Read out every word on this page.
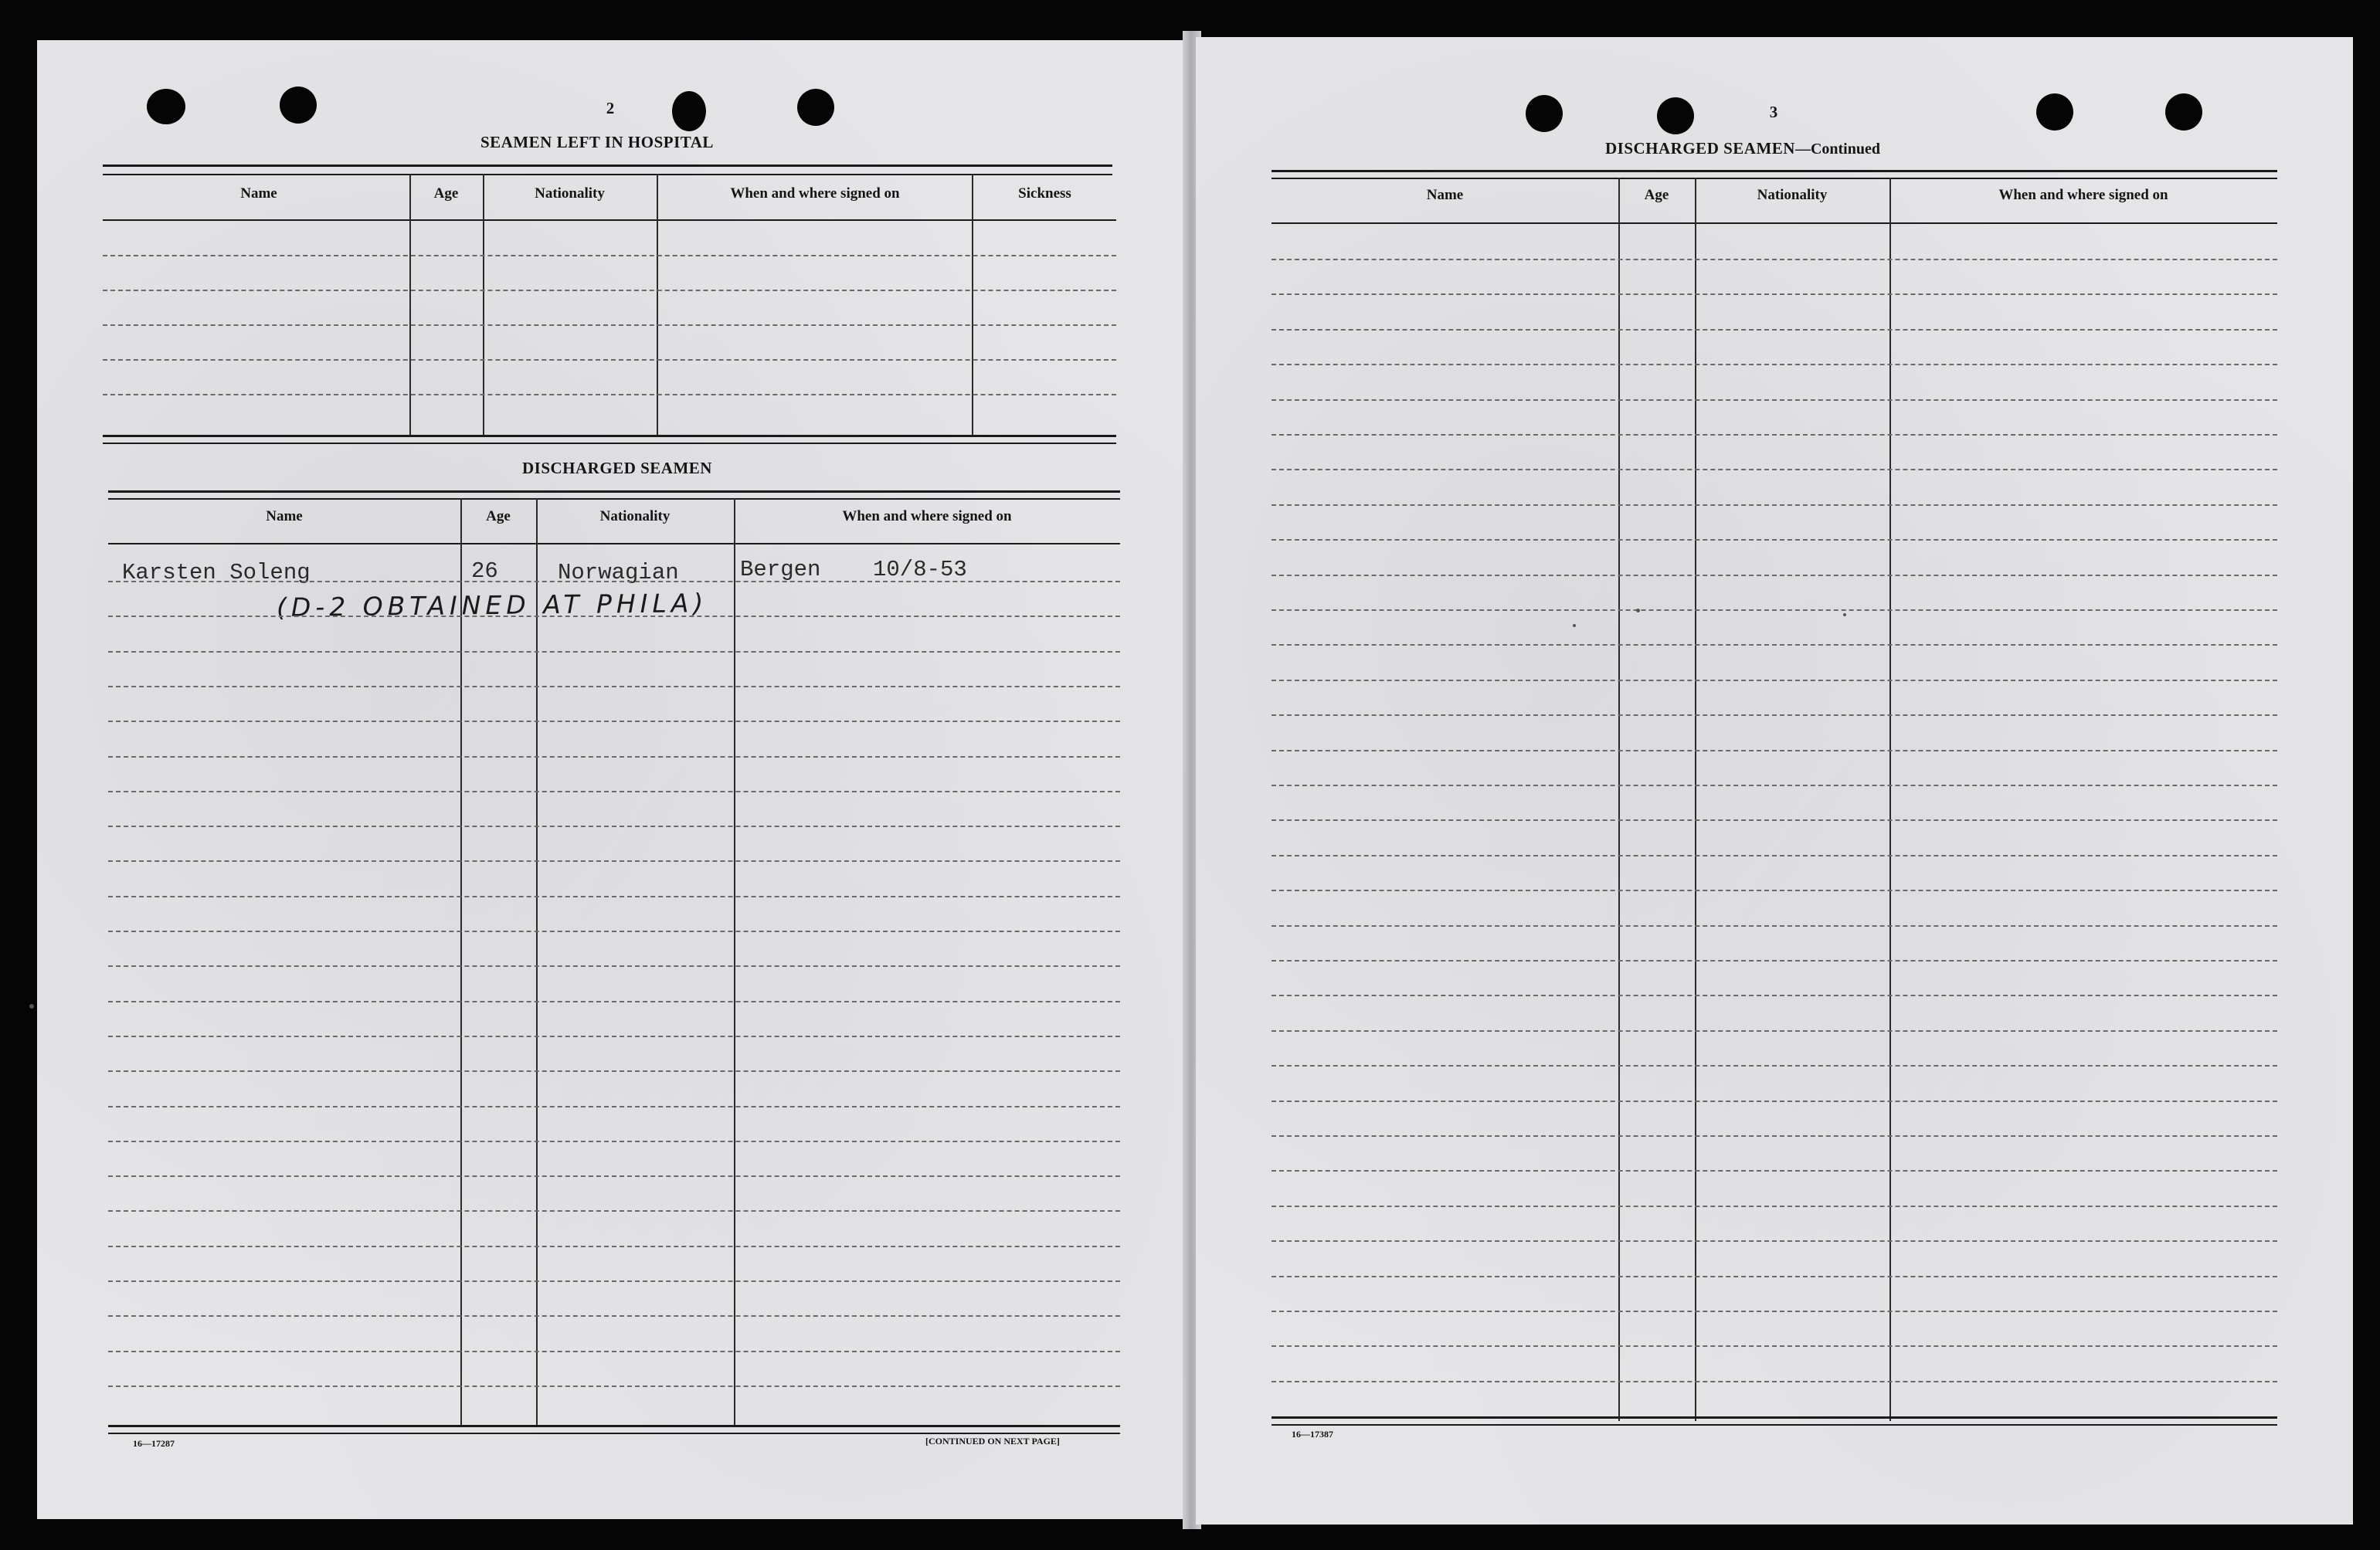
2
SEAMEN LEFT IN HOSPITAL
Name	Age	Nationality	When and where signed on	Sickness
DISCHARGED SEAMEN
Name	Age	Nationality	When and where signed on
Karsten Soleng	26	Norwagian	Bergen 10/8-53
(D-2 OBTAINED AT PHILA)
16—17287	[CONTINUED ON NEXT PAGE]
3
DISCHARGED SEAMEN—Continued
Name	Age	Nationality	When and where signed on
16—17387
